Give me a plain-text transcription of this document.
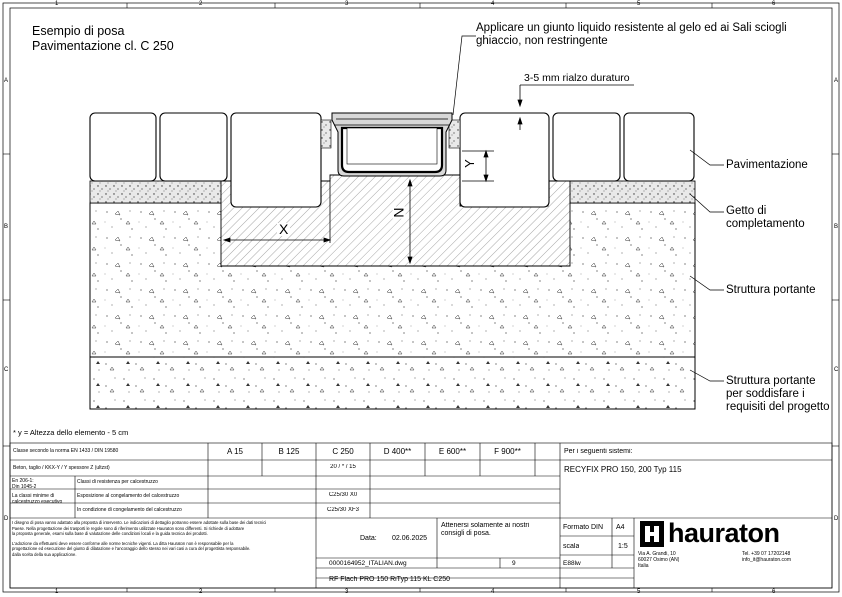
1	2	3	4	5	6
1	2	3	4	5	6
A
B
C
D
A
B
C
D
Esempio di posa
Pavimentazione cl. C 250
Applicare un giunto liquido resistente al gelo ed ai Sali sciogli
ghiaccio, non restringente
3-5 mm rialzo duraturo
Pavimentazione
Getto di
completamento
Struttura portante
Struttura portante
per soddisfare i
requisiti del progetto
X
N
Y
* y = Altezza dello elemento - 5 cm
Classe secondo la norma EN 1433 / DIN 19580	A 15	B 125	C 250	D 400**	E 600**	F 900**	Per i seguenti sistemi:
RECYFIX PRO 150, 200 Typ 115
Beton, taglio / KKX-Y / Y spessore Z (ultzst)	20 / * / 15
En 206-1:
Din 1045-2
Classi di resistenza per calcestruzzo
La classi minime di
calcestruzzo esecutivo
Esposizione al congelamento del calcestruzzo	C25/30 X0
In condizione di congelamento del calcestruzzo	C25/30 XF3
I disegno di posa vanno adattato alla proposta di intervento. Le indicazioni di dettaglio potranno essere adottate sulla base dei dati tecnici
Paese. Nella progettazione dei trasporti le regole sono di riferimento utilizzate Hauraton sono differenti. Si richiede di adottare
la proposta generale, esami sulla base di valutazione delle condizioni locali e la guida tecnica dei prodotti.
L'adozione da effettuarsi deve essere conforme alle norme tecniche vigenti. La ditta Hauraton non è responsabile per la
progettazione ed esecuzione del giunto di dilatazione e l'ancoraggio dello stesso nei vari casi a cura del progettista responsabile.
dalla scelta della sua applicazione.
Data: 02.06.2025
Attenersi solamente ai nostri
consigli di posa.
Formato DIN A4
scala	1:5
0000164952_ITALIAN.dwg	9	E88lw
RF Flach PRO 150 RiTyp 115 KL C250
hauraton
Via A. Grandi, 10
60027 Osimo (AN)
Italia
Tel. +39 07 17202148
info_it@hauraton.com
